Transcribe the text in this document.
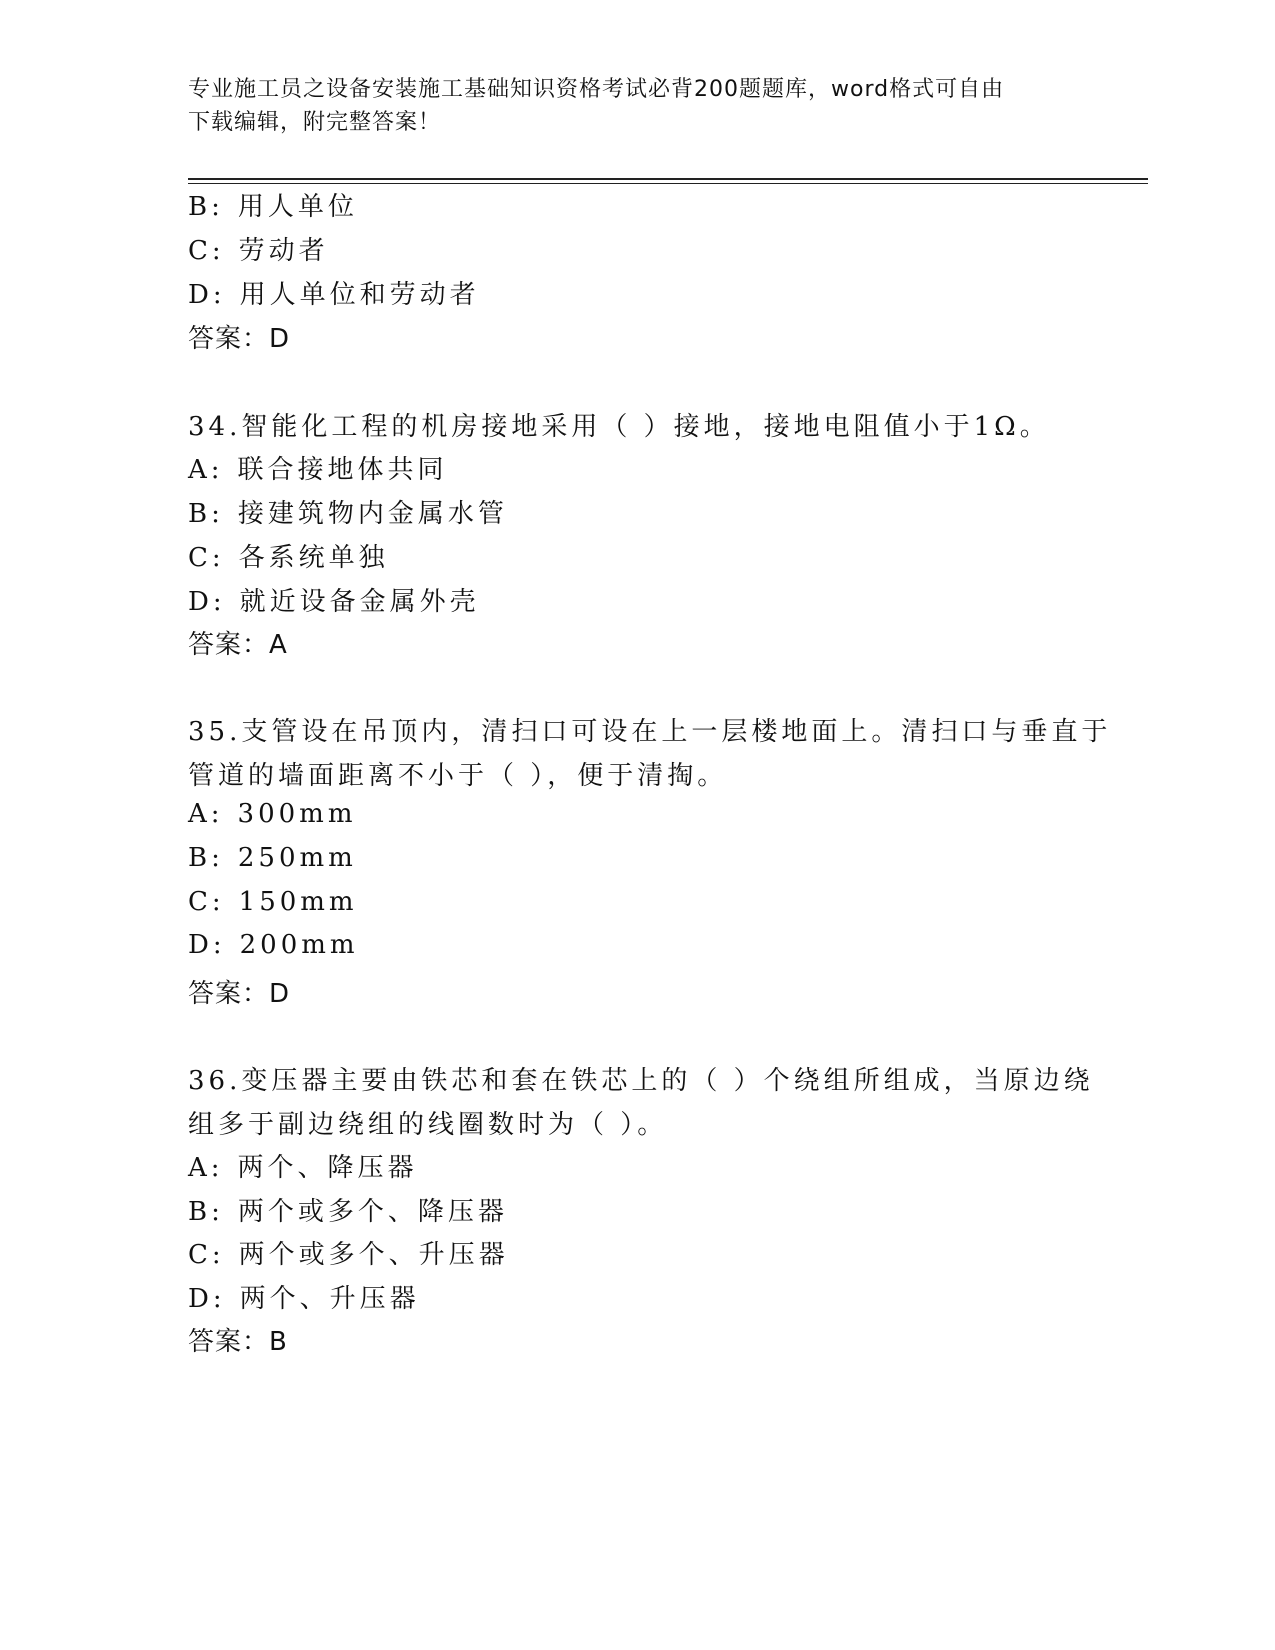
专业施工员之设备安装施工基础知识资格考试必背200题题库，word格式可自由
下载编辑，附完整答案！
B: 用人单位
C: 劳动者
D: 用人单位和劳动者
答案：D
34.智能化工程的机房接地采用（ ）接地，接地电阻值小于1Ω。
A: 联合接地体共同
B: 接建筑物内金属水管
C: 各系统单独
D: 就近设备金属外壳
答案：A
35.支管设在吊顶内，清扫口可设在上一层楼地面上。清扫口与垂直于
管道的墙面距离不小于（ ），便于清掏。
A: 300mm
B: 250mm
C: 150mm
D: 200mm
答案：D
36.变压器主要由铁芯和套在铁芯上的（ ）个绕组所组成，当原边绕
组多于副边绕组的线圈数时为（ ）。
A: 两个、降压器
B: 两个或多个、降压器
C: 两个或多个、升压器
D: 两个、升压器
答案：B
